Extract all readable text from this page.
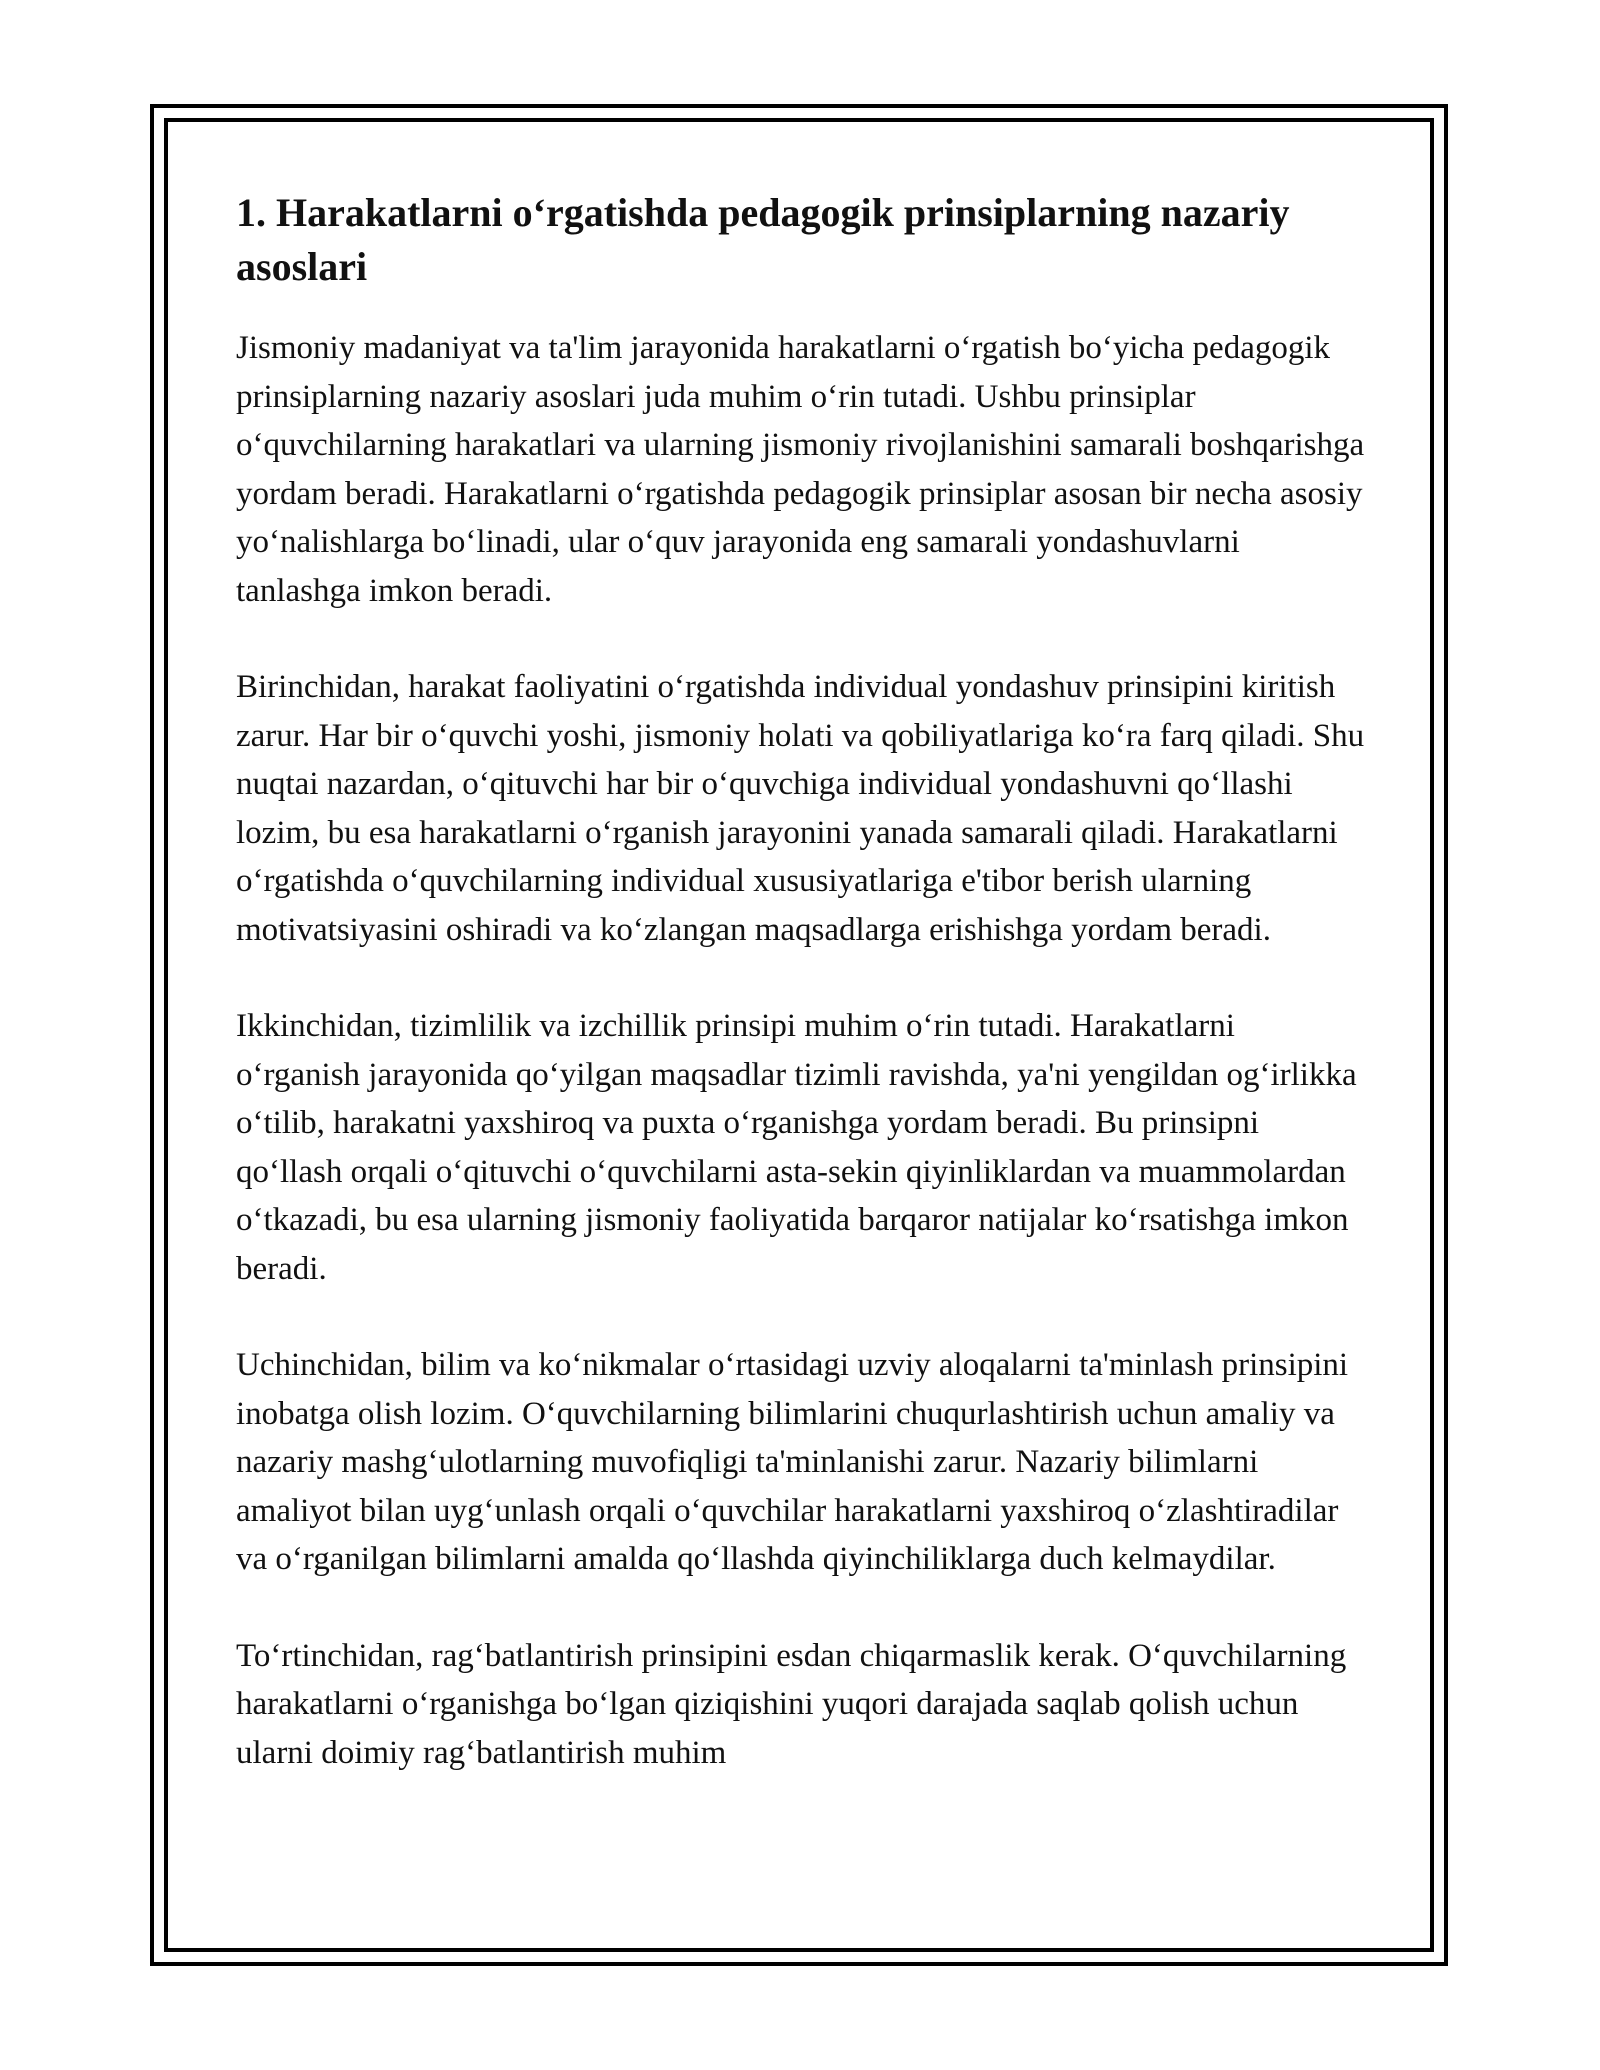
1. Harakatlarni o‘rgatishda pedagogik prinsiplarning nazariy asoslari

Jismoniy madaniyat va ta'lim jarayonida harakatlarni o‘rgatish bo‘yicha pedagogik prinsiplarning nazariy asoslari juda muhim o‘rin tutadi. Ushbu prinsiplar o‘quvchilarning harakatlari va ularning jismoniy rivojlanishini samarali boshqarishga yordam beradi. Harakatlarni o‘rgatishda pedagogik prinsiplar asosan bir necha asosiy yo‘nalishlarga bo‘linadi, ular o‘quv jarayonida eng samarali yondashuvlarni tanlashga imkon beradi.

Birinchidan, harakat faoliyatini o‘rgatishda individual yondashuv prinsipini kiritish zarur. Har bir o‘quvchi yoshi, jismoniy holati va qobiliyatlariga ko‘ra farq qiladi. Shu nuqtai nazardan, o‘qituvchi har bir o‘quvchiga individual yondashuvni qo‘llashi lozim, bu esa harakatlarni o‘rganish jarayonini yanada samarali qiladi. Harakatlarni o‘rgatishda o‘quvchilarning individual xususiyatlariga e'tibor berish ularning motivatsiyasini oshiradi va ko‘zlangan maqsadlarga erishishga yordam beradi.

Ikkinchidan, tizimlilik va izchillik prinsipi muhim o‘rin tutadi. Harakatlarni o‘rganish jarayonida qo‘yilgan maqsadlar tizimli ravishda, ya'ni yengildan og‘irlikka o‘tilib, harakatni yaxshiroq va puxta o‘rganishga yordam beradi. Bu prinsipni qo‘llash orqali o‘qituvchi o‘quvchilarni asta-sekin qiyinliklardan va muammolardan o‘tkazadi, bu esa ularning jismoniy faoliyatida barqaror natijalar ko‘rsatishga imkon beradi.

Uchinchidan, bilim va ko‘nikmalar o‘rtasidagi uzviy aloqalarni ta'minlash prinsipini inobatga olish lozim. O‘quvchilarning bilimlarini chuqurlashtirish uchun amaliy va nazariy mashg‘ulotlarning muvofiqligi ta'minlanishi zarur. Nazariy bilimlarni amaliyot bilan uyg‘unlash orqali o‘quvchilar harakatlarni yaxshiroq o‘zlashtiradilar va o‘rganilgan bilimlarni amalda qo‘llashda qiyinchiliklarga duch kelmaydilar.

To‘rtinchidan, rag‘batlantirish prinsipini esdan chiqarmaslik kerak. O‘quvchilarning harakatlarni o‘rganishga bo‘lgan qiziqishini yuqori darajada saqlab qolish uchun ularni doimiy rag‘batlantirish muhim
